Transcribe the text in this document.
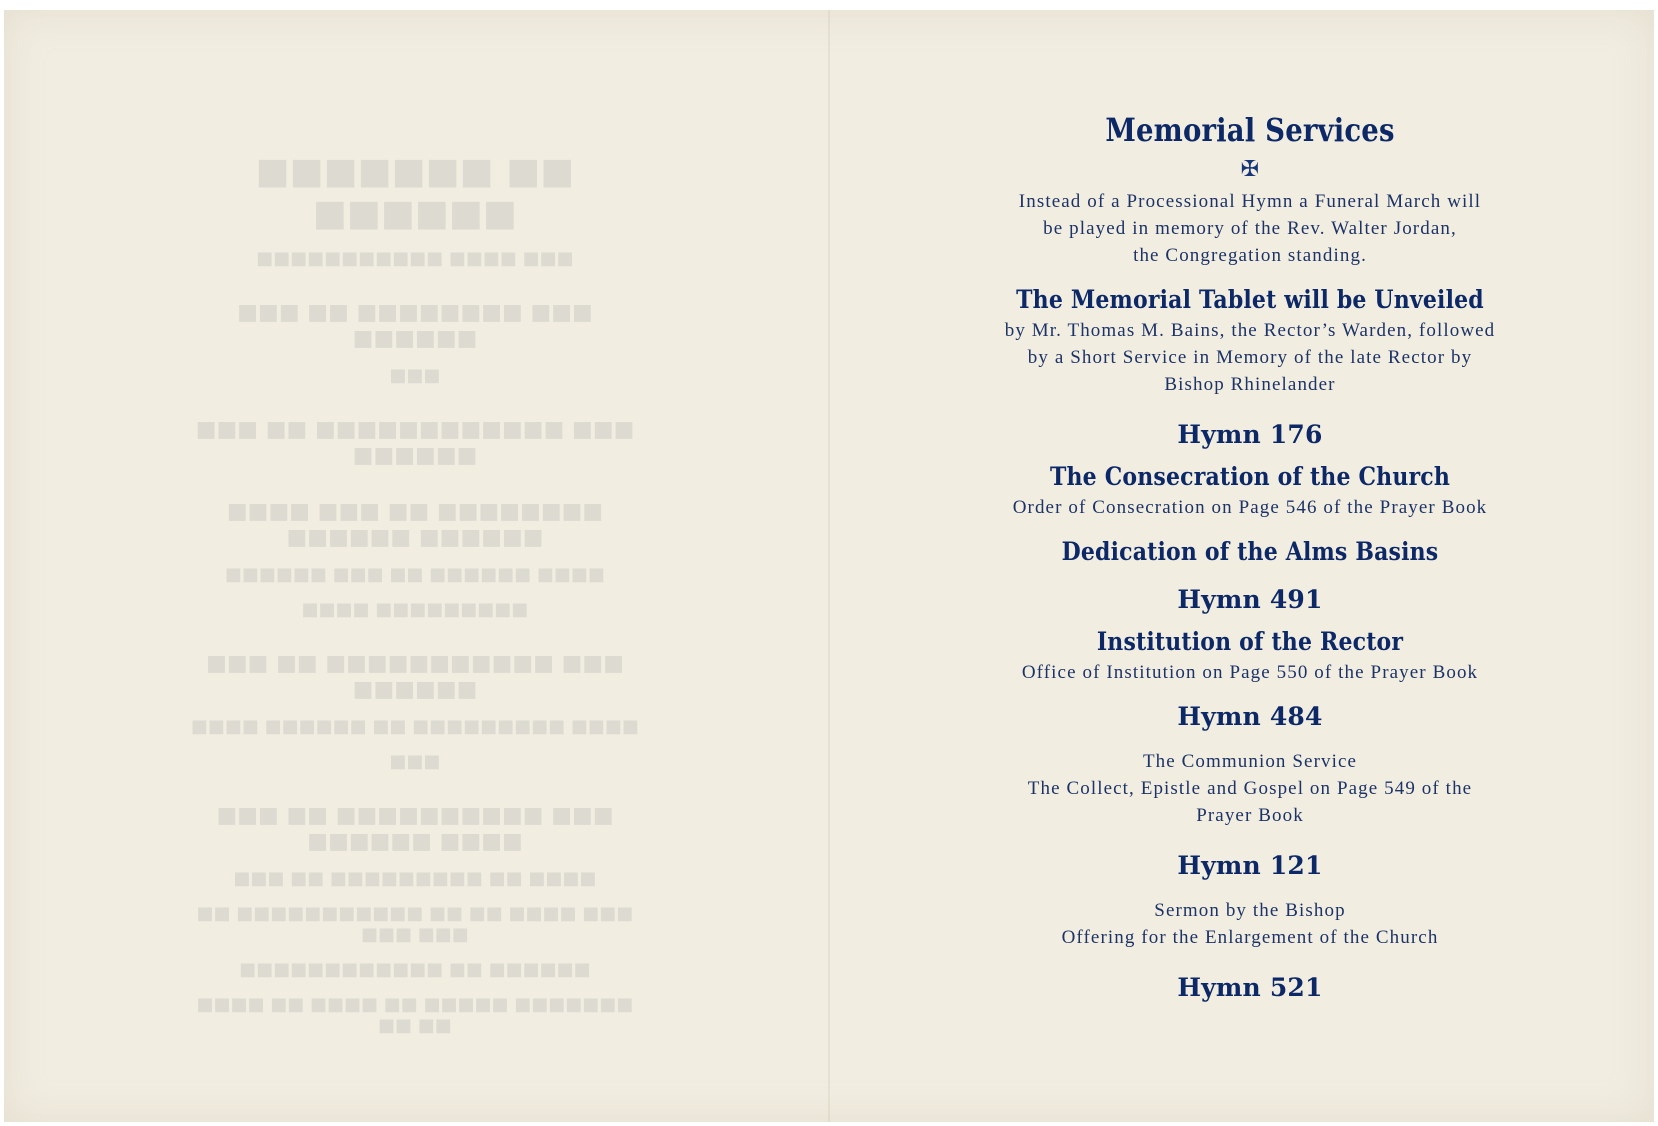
■■ ■■■■■■■ ■■■■■■
■■■ ■■■■ ■■■■■■■■■■■
■■■ ■■■■■■■■ ■■ ■■■ ■■■■■■
■■■
■■■ ■■■■■■■■■■■■ ■■ ■■■ ■■■■■■
■■■■■■■■ ■■ ■■■ ■■■■ ■■■■■■ ■■■■■■
■■■■ ■■■■■■ ■■ ■■■ ■■■■■■
■■■■■■■■■ ■■■■
■■■ ■■■■■■■■■■■ ■■ ■■■ ■■■■■■
■■■■ ■■■■■■■■■ ■■ ■■■■■■ ■■■■
■■■
■■■ ■■■■■■■■■■ ■■ ■■■ ■■■■ ■■■■■■
■■■■ ■■ ■■■■■■■■■ ■■ ■■■
■■■ ■■■■ ■■ ■■ ■■■■■■■■■■■ ■■ ■■■ ■■■
■■■■■■ ■■ ■■■■■■■■■■■■
■■■■■■■ ■■■■■ ■■ ■■■■ ■■ ■■■■ ■■ ■■
Memorial Services
✠

Instead of a Processional Hymn a Funeral March will

be played in memory of the Rev. Walter Jordan,

the Congregation standing.

The Memorial Tablet will be Unveiled

by Mr. Thomas M. Bains, the Rector’s Warden, followed

by a Short Service in Memory of the late Rector by

Bishop Rhinelander

Hymn 176
The Consecration of the Church

Order of Consecration on Page 546 of the Prayer Book

Dedication of the Alms Basins
Hymn 491
Institution of the Rector

Office of Institution on Page 550 of the Prayer Book

Hymn 484

The Communion Service

The Collect, Epistle and Gospel on Page 549 of the

Prayer Book

Hymn 121

Sermon by the Bishop

Offering for the Enlargement of the Church

Hymn 521
